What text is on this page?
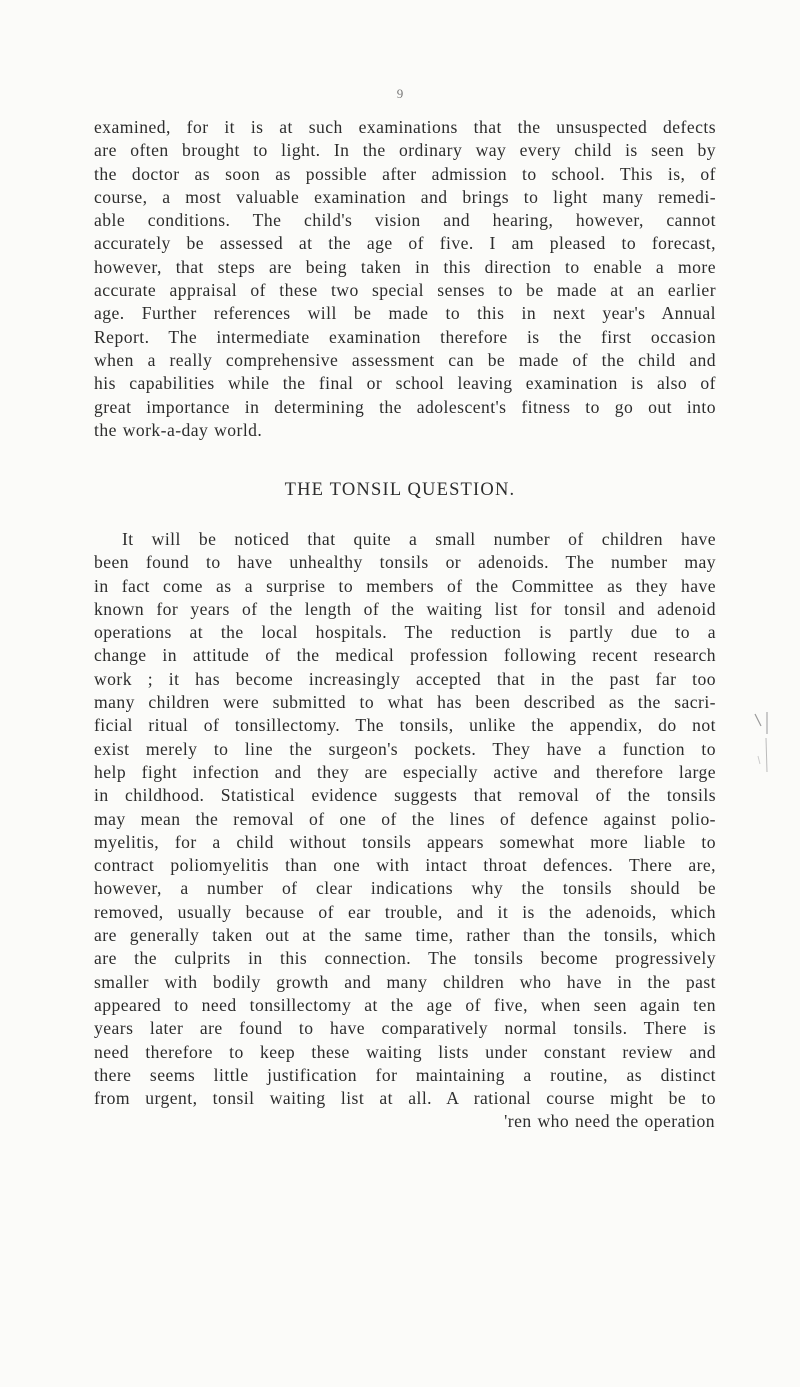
9
examined, for it is at such examinations that the unsuspected defects
are often brought to light. In the ordinary way every child is seen by
the doctor as soon as possible after admission to school. This is, of
course, a most valuable examination and brings to light many remedi-
able conditions. The child's vision and hearing, however, cannot
accurately be assessed at the age of five. I am pleased to forecast,
however, that steps are being taken in this direction to enable a more
accurate appraisal of these two special senses to be made at an earlier
age. Further references will be made to this in next year's Annual
Report. The intermediate examination therefore is the first occasion
when a really comprehensive assessment can be made of the child and
his capabilities while the final or school leaving examination is also of
great importance in determining the adolescent's fitness to go out into
the work-a-day world.
THE TONSIL QUESTION.
It will be noticed that quite a small number of children have
been found to have unhealthy tonsils or adenoids. The number may
in fact come as a surprise to members of the Committee as they have
known for years of the length of the waiting list for tonsil and adenoid
operations at the local hospitals. The reduction is partly due to a
change in attitude of the medical profession following recent research
work ; it has become increasingly accepted that in the past far too
many children were submitted to what has been described as the sacri-
ficial ritual of tonsillectomy. The tonsils, unlike the appendix, do not
exist merely to line the surgeon's pockets. They have a function to
help fight infection and they are especially active and therefore large
in childhood. Statistical evidence suggests that removal of the tonsils
may mean the removal of one of the lines of defence against polio-
myelitis, for a child without tonsils appears somewhat more liable to
contract poliomyelitis than one with intact throat defences. There are,
however, a number of clear indications why the tonsils should be
removed, usually because of ear trouble, and it is the adenoids, which
are generally taken out at the same time, rather than the tonsils, which
are the culprits in this connection. The tonsils become progressively
smaller with bodily growth and many children who have in the past
appeared to need tonsillectomy at the age of five, when seen again ten
years later are found to have comparatively normal tonsils. There is
need therefore to keep these waiting lists under constant review and
there seems little justification for maintaining a routine, as distinct
from urgent, tonsil waiting list at all. A rational course might be to
'ren who need the operation
